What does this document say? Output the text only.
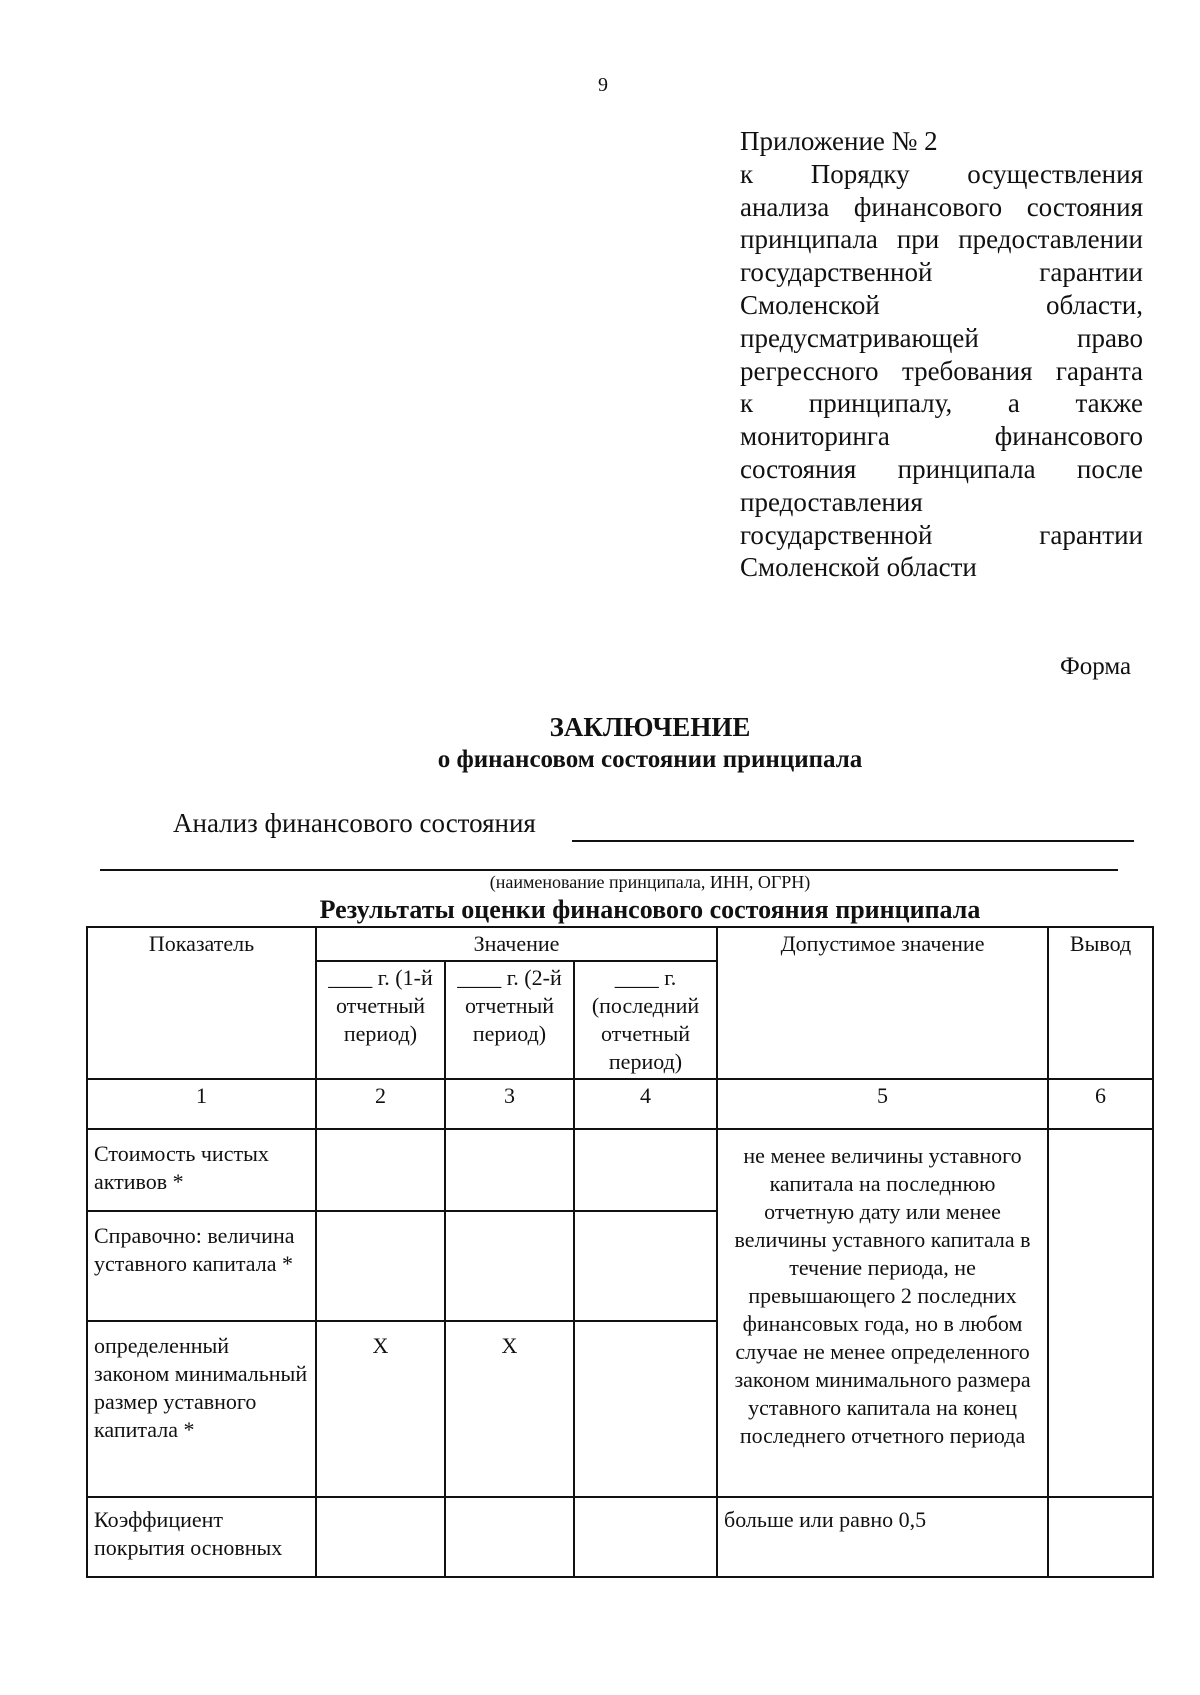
9
Приложение № 2
к Порядку осуществления
анализа финансового состояния
принципала при предоставлении
государственной гарантии
Смоленской области,
предусматривающей право
регрессного требования гаранта
к принципалу, а также
мониторинга финансового
состояния принципала после
предоставления
государственной гарантии
Смоленской области
Форма
ЗАКЛЮЧЕНИЕ
о финансовом состоянии принципала
Анализ финансового состояния
(наименование принципала, ИНН, ОГРН)
Результаты оценки финансового состояния принципала
Показатель	Значение			Допустимое значение	Вывод
	____ г. (1-й отчетный период)	____ г. (2-й отчетный период)	____ г. (последний отчетный период)		
1	2	3	4	5	6
Стоимость чистых активов *				не менее величины уставного капитала на последнюю отчетную дату или менее величины уставного капитала в течение периода, не превышающего 2 последних финансовых года, но в любом случае не менее определенного законом минимального размера уставного капитала на конец последнего отчетного периода	
Справочно: величина уставного капитала *					
определенный законом минимальный размер уставного капитала *	X	X			
Коэффициент покрытия основных				больше или равно 0,5	
